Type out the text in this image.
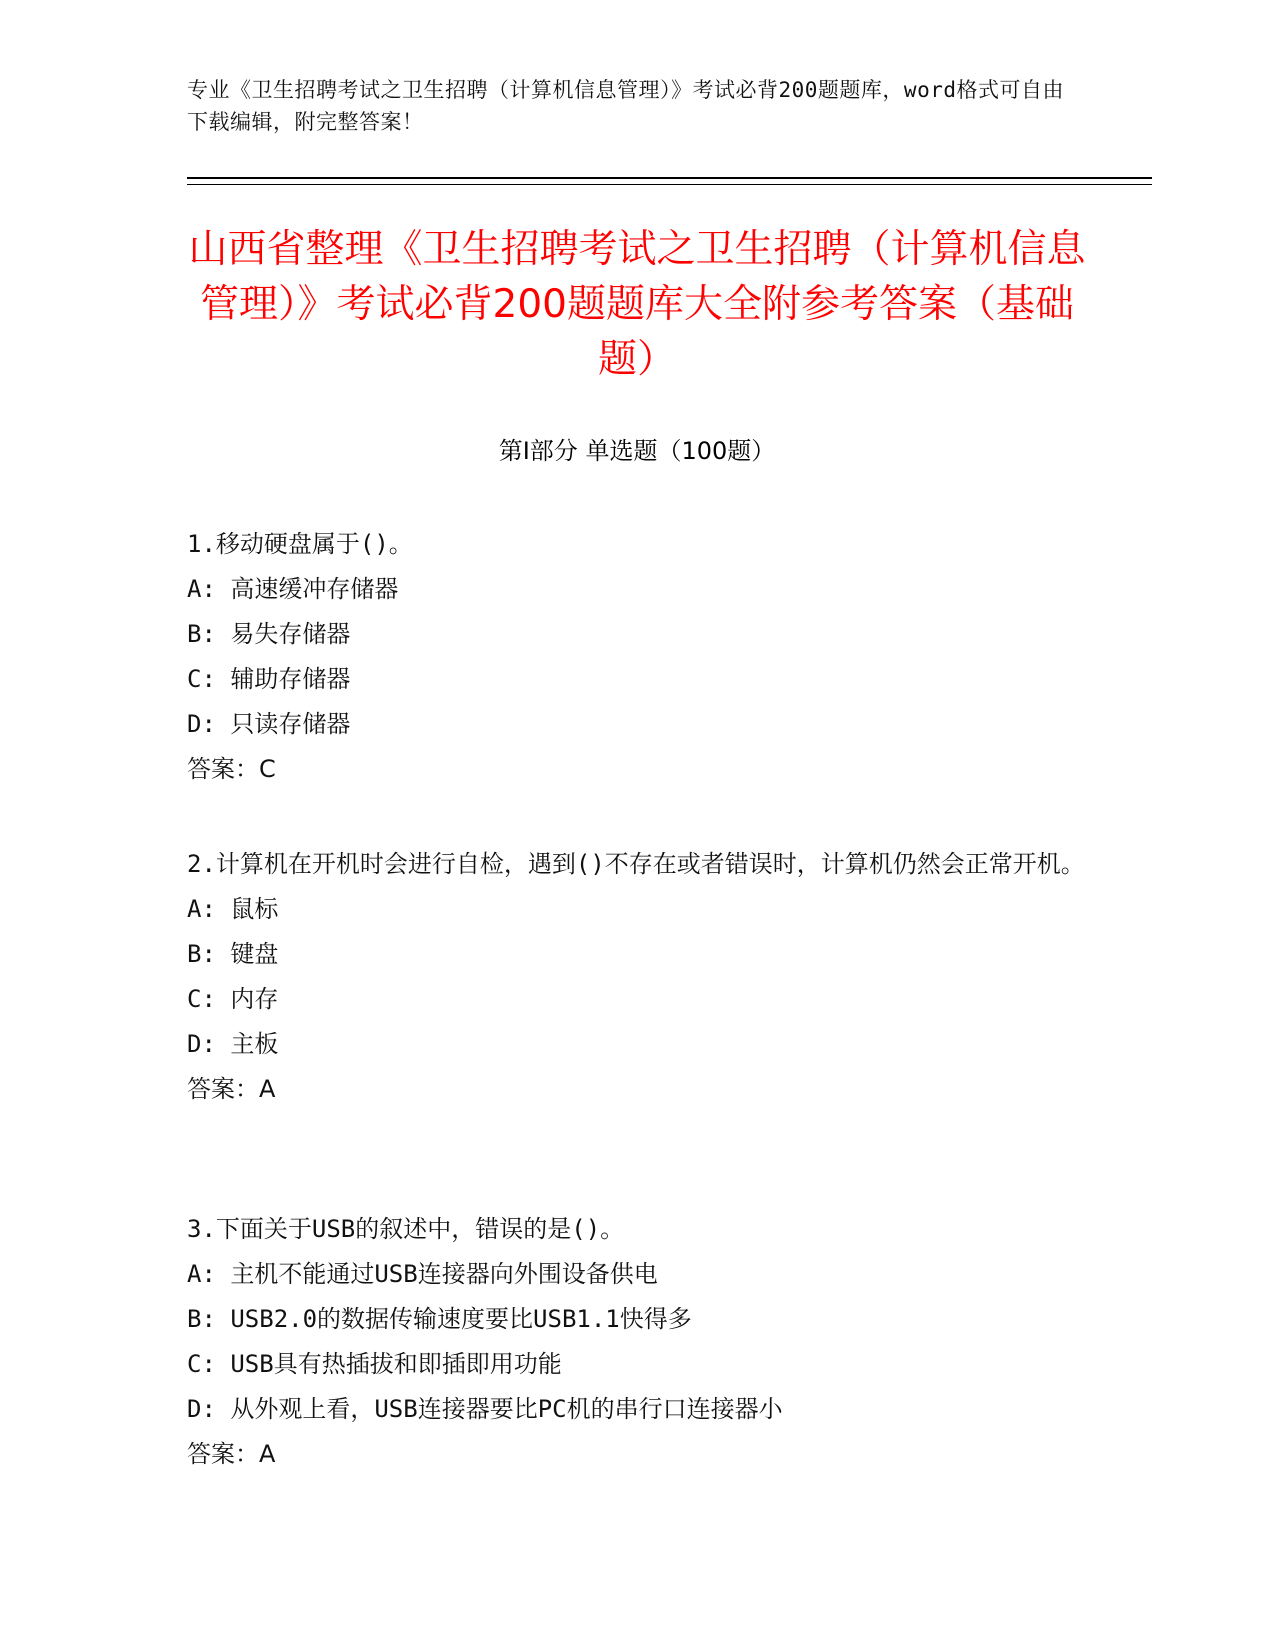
专业《卫生招聘考试之卫生招聘（计算机信息管理）》考试必背200题题库，word格式可自由下载编辑，附完整答案！
山西省整理《卫生招聘考试之卫生招聘（计算机信息管理）》考试必背200题题库大全附参考答案（基础题）
第Ⅰ部分 单选题（100题）
1.移动硬盘属于()。
A: 高速缓冲存储器
B: 易失存储器
C: 辅助存储器
D: 只读存储器
答案：C
2.计算机在开机时会进行自检，遇到()不存在或者错误时，计算机仍然会正常开机。
A: 鼠标
B: 键盘
C: 内存
D: 主板
答案：A
3.下面关于USB的叙述中，错误的是()。
A: 主机不能通过USB连接器向外围设备供电
B: USB2.0的数据传输速度要比USB1.1快得多
C: USB具有热插拔和即插即用功能
D: 从外观上看，USB连接器要比PC机的串行口连接器小
答案：A
